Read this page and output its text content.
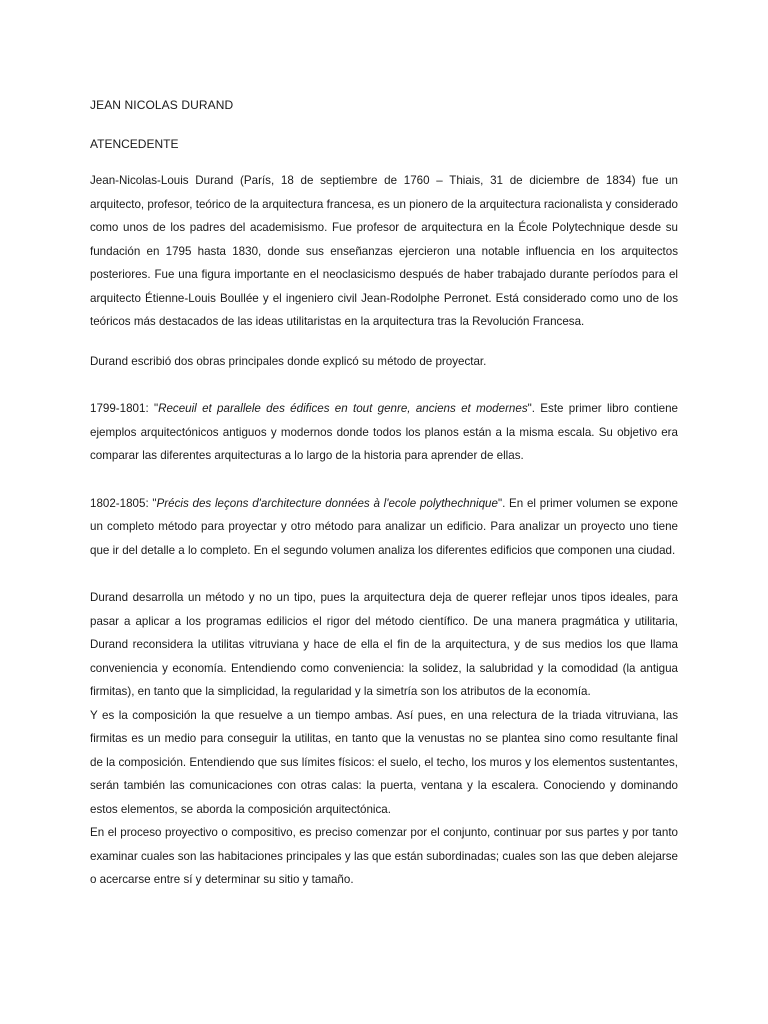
JEAN NICOLAS DURAND
ATENCEDENTE

Jean-Nicolas-Louis Durand (París, 18 de septiembre de 1760 – Thiais, 31 de diciembre de 1834) fue un arquitecto, profesor, teórico de la arquitectura francesa, es un pionero de la arquitectura racionalista y considerado como unos de los padres del academisismo. Fue profesor de arquitectura en la École Polytechnique desde su fundación en 1795 hasta 1830, donde sus enseñanzas ejercieron una notable influencia en los arquitectos posteriores. Fue una figura importante en el neoclasicismo después de haber trabajado durante períodos para el arquitecto Étienne-Louis Boullée y el ingeniero civil Jean-Rodolphe Perronet. Está considerado como uno de los teóricos más destacados de las ideas utilitaristas en la arquitectura tras la Revolución Francesa.

Durand escribió dos obras principales donde explicó su método de proyectar.

1799-1801: "Receuil et parallele des édifices en tout genre, anciens et modernes". Este primer libro contiene ejemplos arquitectónicos antiguos y modernos donde todos los planos están a la misma escala. Su objetivo era comparar las diferentes arquitecturas a lo largo de la historia para aprender de ellas.

1802-1805: "Précis des leçons d'architecture données à l'ecole polythechnique". En el primer volumen se expone un completo método para proyectar y otro método para analizar un edificio. Para analizar un proyecto uno tiene que ir del detalle a lo completo. En el segundo volumen analiza los diferentes edificios que componen una ciudad.

Durand desarrolla un método y no un tipo, pues la arquitectura deja de querer reflejar unos tipos ideales, para pasar a aplicar a los programas edilicios el rigor del método científico. De una manera pragmática y utilitaria, Durand reconsidera la utilitas vitruviana y hace de ella el fin de la arquitectura, y de sus medios los que llama conveniencia y economía. Entendiendo como conveniencia: la solidez, la salubridad y la comodidad (la antigua firmitas), en tanto que la simplicidad, la regularidad y la simetría son los atributos de la economía.

Y es la composición la que resuelve a un tiempo ambas. Así pues, en una relectura de la triada vitruviana, las firmitas es un medio para conseguir la utilitas, en tanto que la venustas no se plantea sino como resultante final de la composición. Entendiendo que sus límites físicos: el suelo, el techo, los muros y los elementos sustentantes, serán también las comunicaciones con otras calas: la puerta, ventana y la escalera. Conociendo y dominando estos elementos, se aborda la composición arquitectónica.

En el proceso proyectivo o compositivo, es preciso comenzar por el conjunto, continuar por sus partes y por tanto examinar cuales son las habitaciones principales y las que están subordinadas; cuales son las que deben alejarse o acercarse entre sí y determinar su sitio y tamaño.
